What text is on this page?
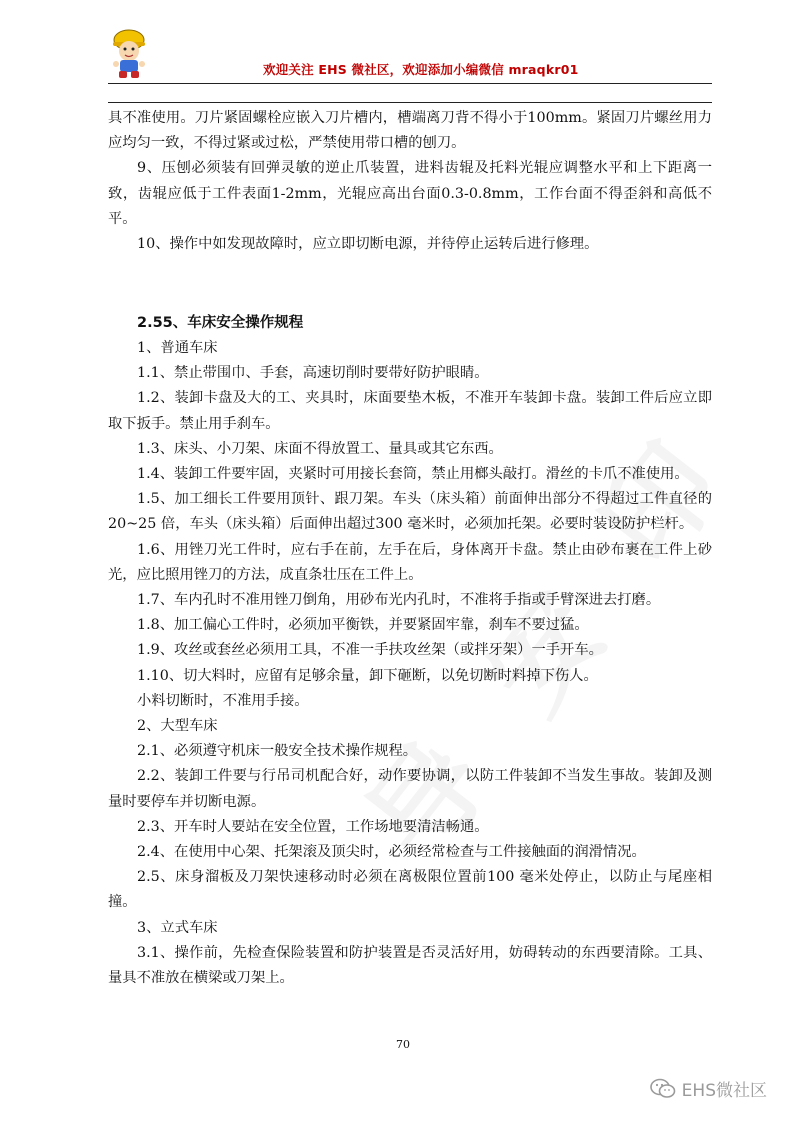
欢迎关注 EHS 微社区，欢迎添加小编微信 mraqkr01

具不准使用。刀片紧固螺栓应嵌入刀片槽内，槽端离刀背不得小于100mm。紧固刀片螺丝用力应均匀一致，不得过紧或过松，严禁使用带口槽的刨刀。

9、压刨必须装有回弹灵敏的逆止爪装置，进料齿辊及托料光辊应调整水平和上下距离一致，齿辊应低于工件表面1-2mm，光辊应高出台面0.3-0.8mm，工作台面不得歪斜和高低不平。

10、操作中如发现故障时，应立即切断电源，并待停止运转后进行修理。

2.55、车床安全操作规程

1、普通车床

1.1、禁止带围巾、手套，高速切削时要带好防护眼睛。

1.2、装卸卡盘及大的工、夹具时，床面要垫木板，不准开车装卸卡盘。装卸工件后应立即取下扳手。禁止用手刹车。

1.3、床头、小刀架、床面不得放置工、量具或其它东西。

1.4、装卸工件要牢固，夹紧时可用接长套筒，禁止用榔头敲打。滑丝的卡爪不准使用。

1.5、加工细长工件要用顶针、跟刀架。车头（床头箱）前面伸出部分不得超过工件直径的20~25 倍，车头（床头箱）后面伸出超过300 毫米时，必须加托架。必要时装设防护栏杆。

1.6、用锉刀光工件时，应右手在前，左手在后，身体离开卡盘。禁止由砂布裹在工件上砂光，应比照用锉刀的方法，成直条壮压在工件上。

1.7、车内孔时不准用锉刀倒角，用砂布光内孔时，不准将手指或手臂深进去打磨。

1.8、加工偏心工件时，必须加平衡铁，并要紧固牢靠，刹车不要过猛。

1.9、攻丝或套丝必须用工具，不准一手扶攻丝架（或拌牙架）一手开车。

1.10、切大料时，应留有足够余量，卸下砸断，以免切断时料掉下伤人。

小料切断时，不准用手接。

2、大型车床

2.1、必须遵守机床一般安全技术操作规程。

2.2、装卸工件要与行吊司机配合好，动作要协调，以防工件装卸不当发生事故。装卸及测量时要停车并切断电源。

2.3、开车时人要站在安全位置，工作场地要清洁畅通。

2.4、在使用中心架、托架滚及顶尖时，必须经常检查与工件接触面的润滑情况。

2.5、床身溜板及刀架快速移动时必须在离极限位置前100 毫米处停止，以防止与尾座相撞。

3、立式车床

3.1、操作前，先检查保险装置和防护装置是否灵活好用，妨碍转动的东西要清除。工具、量具不准放在横梁或刀架上。

70
EHS微社区
